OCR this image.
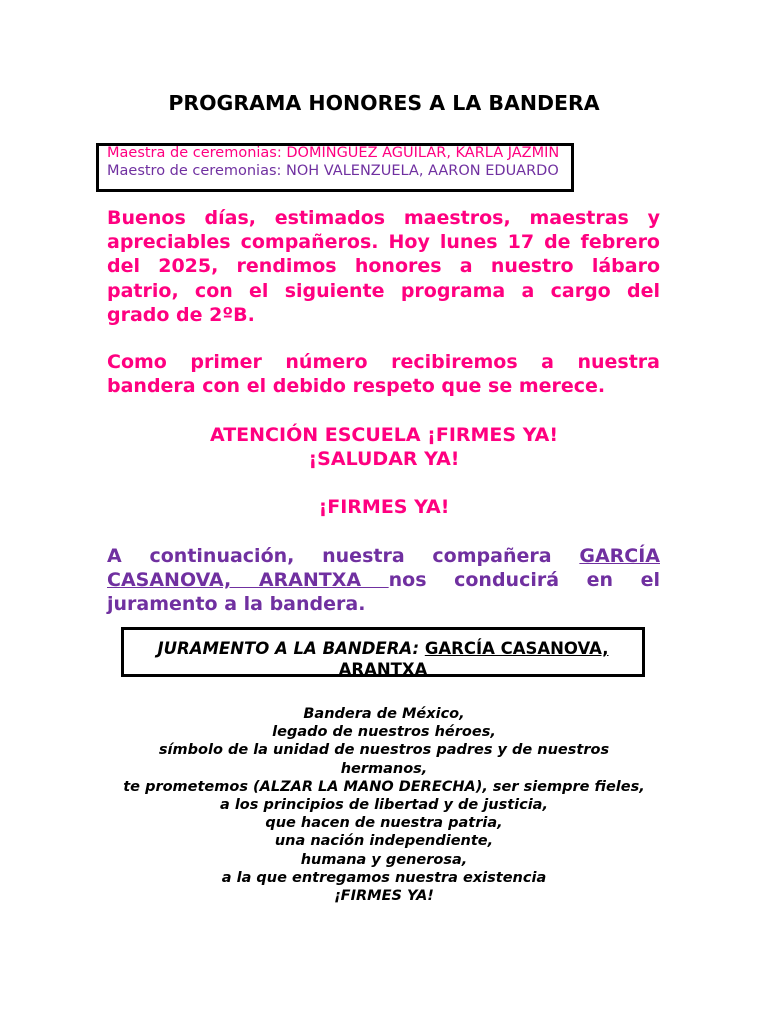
PROGRAMA HONORES A LA BANDERA
Maestra de ceremonias: DOMINGUEZ AGUILAR, KARLA JAZMIN
Maestro de ceremonias: NOH VALENZUELA, AARON EDUARDO
Buenos días, estimados maestros, maestras y apreciables compañeros. Hoy lunes 17 de febrero del 2025, rendimos honores a nuestro lábaro patrio, con el siguiente programa a cargo del grado de 2ºB.
Como primer número recibiremos a nuestra bandera con el debido respeto que se merece.
ATENCIÓN ESCUELA ¡FIRMES YA!
¡SALUDAR YA!
¡FIRMES YA!
A continuación, nuestra compañera GARCÍA CASANOVA, ARANTXA nos conducirá en el juramento a la bandera.
JURAMENTO A LA BANDERA: GARCÍA CASANOVA, ARANTXA
Bandera de México,
legado de nuestros héroes,
símbolo de la unidad de nuestros padres y de nuestros
hermanos,
te prometemos (ALZAR LA MANO DERECHA), ser siempre fieles,
a los principios de libertad y de justicia,
que hacen de nuestra patria,
una nación independiente,
humana y generosa,
a la que entregamos nuestra existencia
¡FIRMES YA!
